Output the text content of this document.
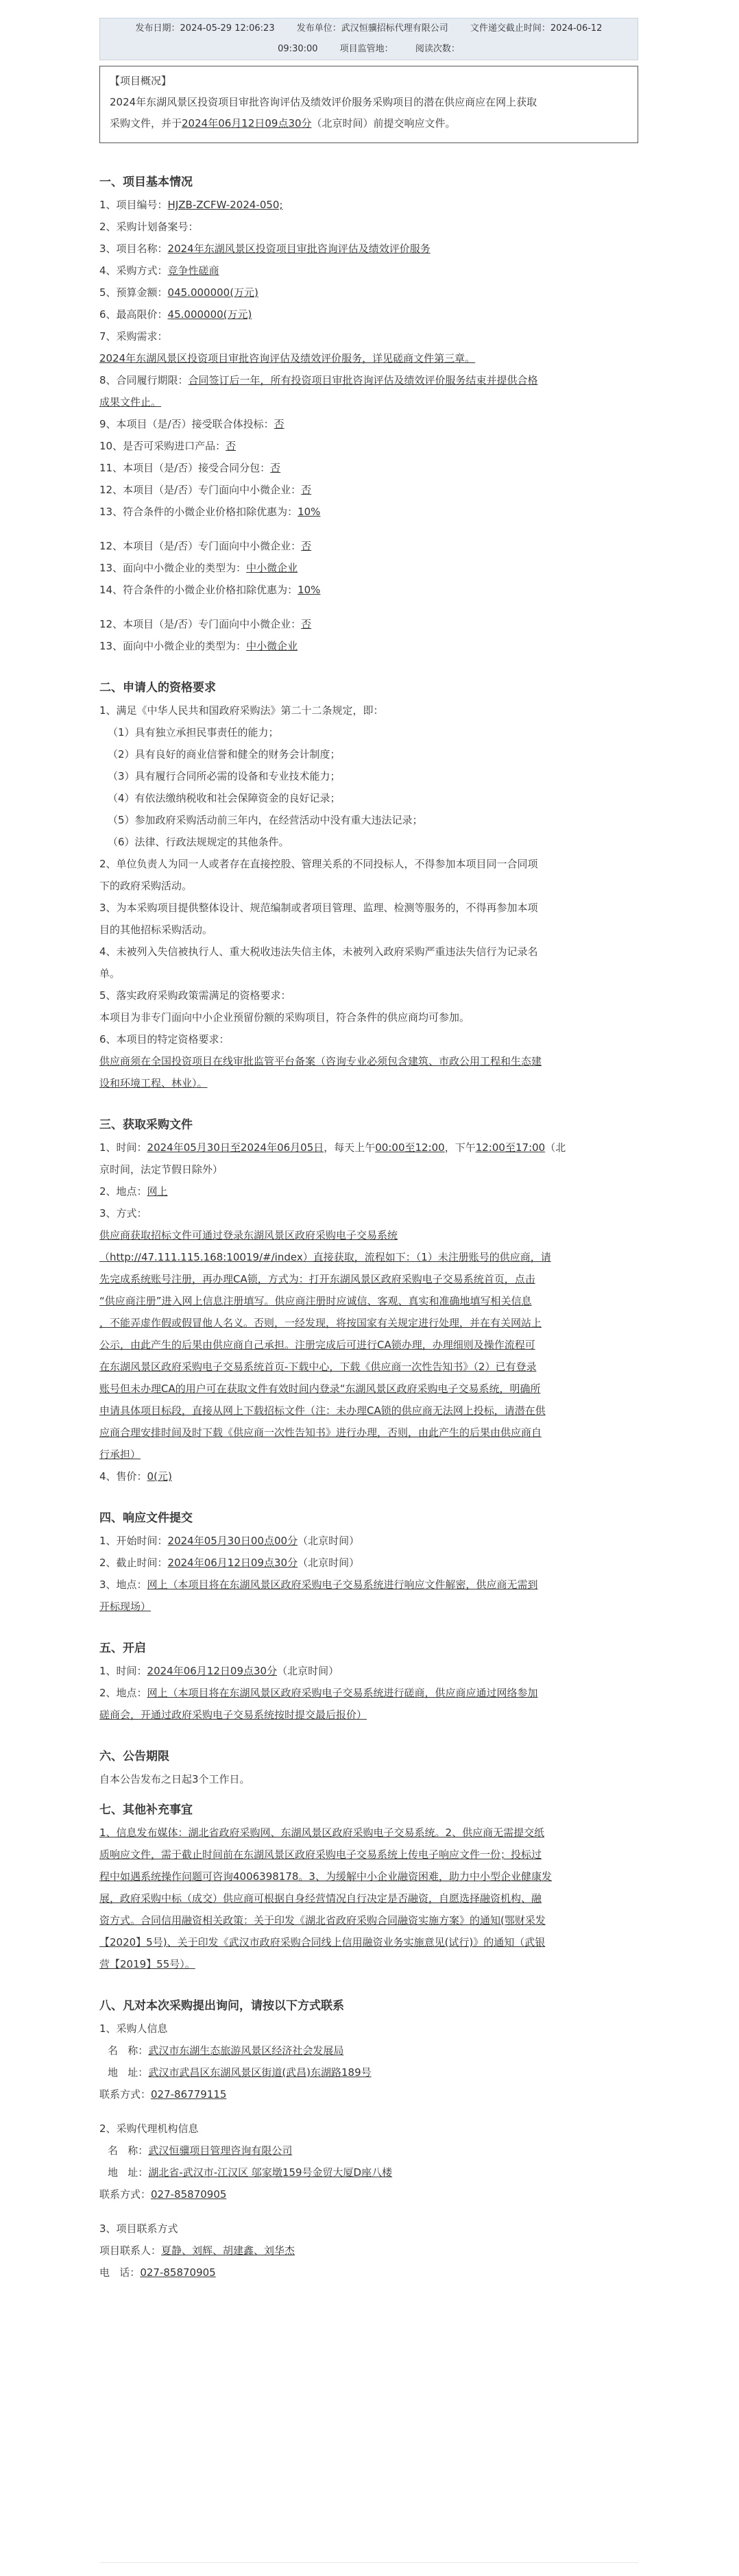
发布日期：2024-05-29 12:06:23 发布单位：武汉恒骥招标代理有限公司 文件递交截止时间：2024-06-12
09:30:00 项目监管地： 阅读次数：
【项目概况】
2024年东湖风景区投资项目审批咨询评估及绩效评价服务采购项目的潜在供应商应在网上获取
采购文件，并于2024年06月12日09点30分（北京时间）前提交响应文件。

一、项目基本情况

1、项目编号：HJZB-ZCFW-2024-050;

2、采购计划备案号：

3、项目名称：2024年东湖风景区投资项目审批咨询评估及绩效评价服务

4、采购方式：竞争性磋商

5、预算金额：045.000000(万元)

6、最高限价：45.000000(万元)

7、采购需求：

2024年东湖风景区投资项目审批咨询评估及绩效评价服务，详见磋商文件第三章。

8、合同履行期限：合同签订后一年，所有投资项目审批咨询评估及绩效评价服务结束并提供合格

成果文件止。

9、本项目（是/否）接受联合体投标：否

10、是否可采购进口产品：否

11、本项目（是/否）接受合同分包：否

12、本项目（是/否）专门面向中小微企业：否

13、符合条件的小微企业价格扣除优惠为：10%

12、本项目（是/否）专门面向中小微企业：否

13、面向中小微企业的类型为：中小微企业

14、符合条件的小微企业价格扣除优惠为：10%

12、本项目（是/否）专门面向中小微企业：否

13、面向中小微企业的类型为：中小微企业

二、申请人的资格要求

1、满足《中华人民共和国政府采购法》第二十二条规定，即：

（1）具有独立承担民事责任的能力；

（2）具有良好的商业信誉和健全的财务会计制度；

（3）具有履行合同所必需的设备和专业技术能力；

（4）有依法缴纳税收和社会保障资金的良好记录；

（5）参加政府采购活动前三年内，在经营活动中没有重大违法记录；

（6）法律、行政法规规定的其他条件。

2、单位负责人为同一人或者存在直接控股、管理关系的不同投标人，不得参加本项目同一合同项

下的政府采购活动。

3、为本采购项目提供整体设计、规范编制或者项目管理、监理、检测等服务的，不得再参加本项

目的其他招标采购活动。

4、未被列入失信被执行人、重大税收违法失信主体，未被列入政府采购严重违法失信行为记录名

单。

5、落实政府采购政策需满足的资格要求：

本项目为非专门面向中小企业预留份额的采购项目，符合条件的供应商均可参加。

6、本项目的特定资格要求：

供应商须在全国投资项目在线审批监管平台备案（咨询专业必须包含建筑、市政公用工程和生态建

设和环境工程、林业）。

三、获取采购文件

1、时间：2024年05月30日至2024年06月05日，每天上午00:00至12:00，下午12:00至17:00（北

京时间，法定节假日除外）

2、地点：网上

3、方式：

供应商获取招标文件可通过登录东湖风景区政府采购电子交易系统

（http://47.111.115.168:10019/#/index）直接获取，流程如下：（1）未注册账号的供应商，请

先完成系统账号注册，再办理CA锁，方式为：打开东湖风景区政府采购电子交易系统首页，点击

“供应商注册”进入网上信息注册填写。供应商注册时应诚信、客观、真实和准确地填写相关信息

，不能弄虚作假或假冒他人名义。否则，一经发现，将按国家有关规定进行处理，并在有关网站上

公示，由此产生的后果由供应商自己承担。注册完成后可进行CA锁办理，办理细则及操作流程可

在东湖风景区政府采购电子交易系统首页-下载中心，下载《供应商一次性告知书》（2）已有登录

账号但未办理CA的用户可在获取文件有效时间内登录“东湖风景区政府采购电子交易系统，明确所

申请具体项目标段，直接从网上下载招标文件（注：未办理CA锁的供应商无法网上投标，请潜在供

应商合理安排时间及时下载《供应商一次性告知书》进行办理，否则，由此产生的后果由供应商自

行承担）

4、售价：0(元)

四、响应文件提交

1、开始时间：2024年05月30日00点00分（北京时间）

2、截止时间：2024年06月12日09点30分（北京时间）

3、地点：网上（本项目将在东湖风景区政府采购电子交易系统进行响应文件解密，供应商无需到

开标现场）

五、开启

1、时间：2024年06月12日09点30分（北京时间）

2、地点：网上（本项目将在东湖风景区政府采购电子交易系统进行磋商，供应商应通过网络参加

磋商会，开通过政府采购电子交易系统按时提交最后报价）

六、公告期限

自本公告发布之日起3个工作日。

七、其他补充事宜

1、信息发布媒体：湖北省政府采购网、东湖风景区政府采购电子交易系统。2、供应商无需提交纸

质响应文件，需于截止时间前在东湖风景区政府采购电子交易系统上传电子响应文件一份；投标过

程中如遇系统操作问题可咨询4006398178。3、为缓解中小企业融资困难，助力中小型企业健康发

展，政府采购中标（成交）供应商可根据自身经营情况自行决定是否融资，自愿选择融资机构、融

资方式。合同信用融资相关政策：关于印发《湖北省政府采购合同融资实施方案》的通知(鄂财采发

【2020】5号)、关于印发《武汉市政府采购合同线上信用融资业务实施意见(试行)》的通知（武银

营【2019】55号）。

八、凡对本次采购提出询问，请按以下方式联系

1、采购人信息

名   称：武汉市东湖生态旅游风景区经济社会发展局

地   址：武汉市武昌区东湖风景区街道(武昌)东湖路189号

联系方式：027-86779115

2、采购代理机构信息

名   称：武汉恒骥项目管理咨询有限公司

地   址：湖北省-武汉市-江汉区 邬家墩159号金贸大厦D座八楼

联系方式：027-85870905

3、项目联系方式

项目联系人：夏静、刘辉、胡建鑫、刘华杰

电   话：027-85870905
